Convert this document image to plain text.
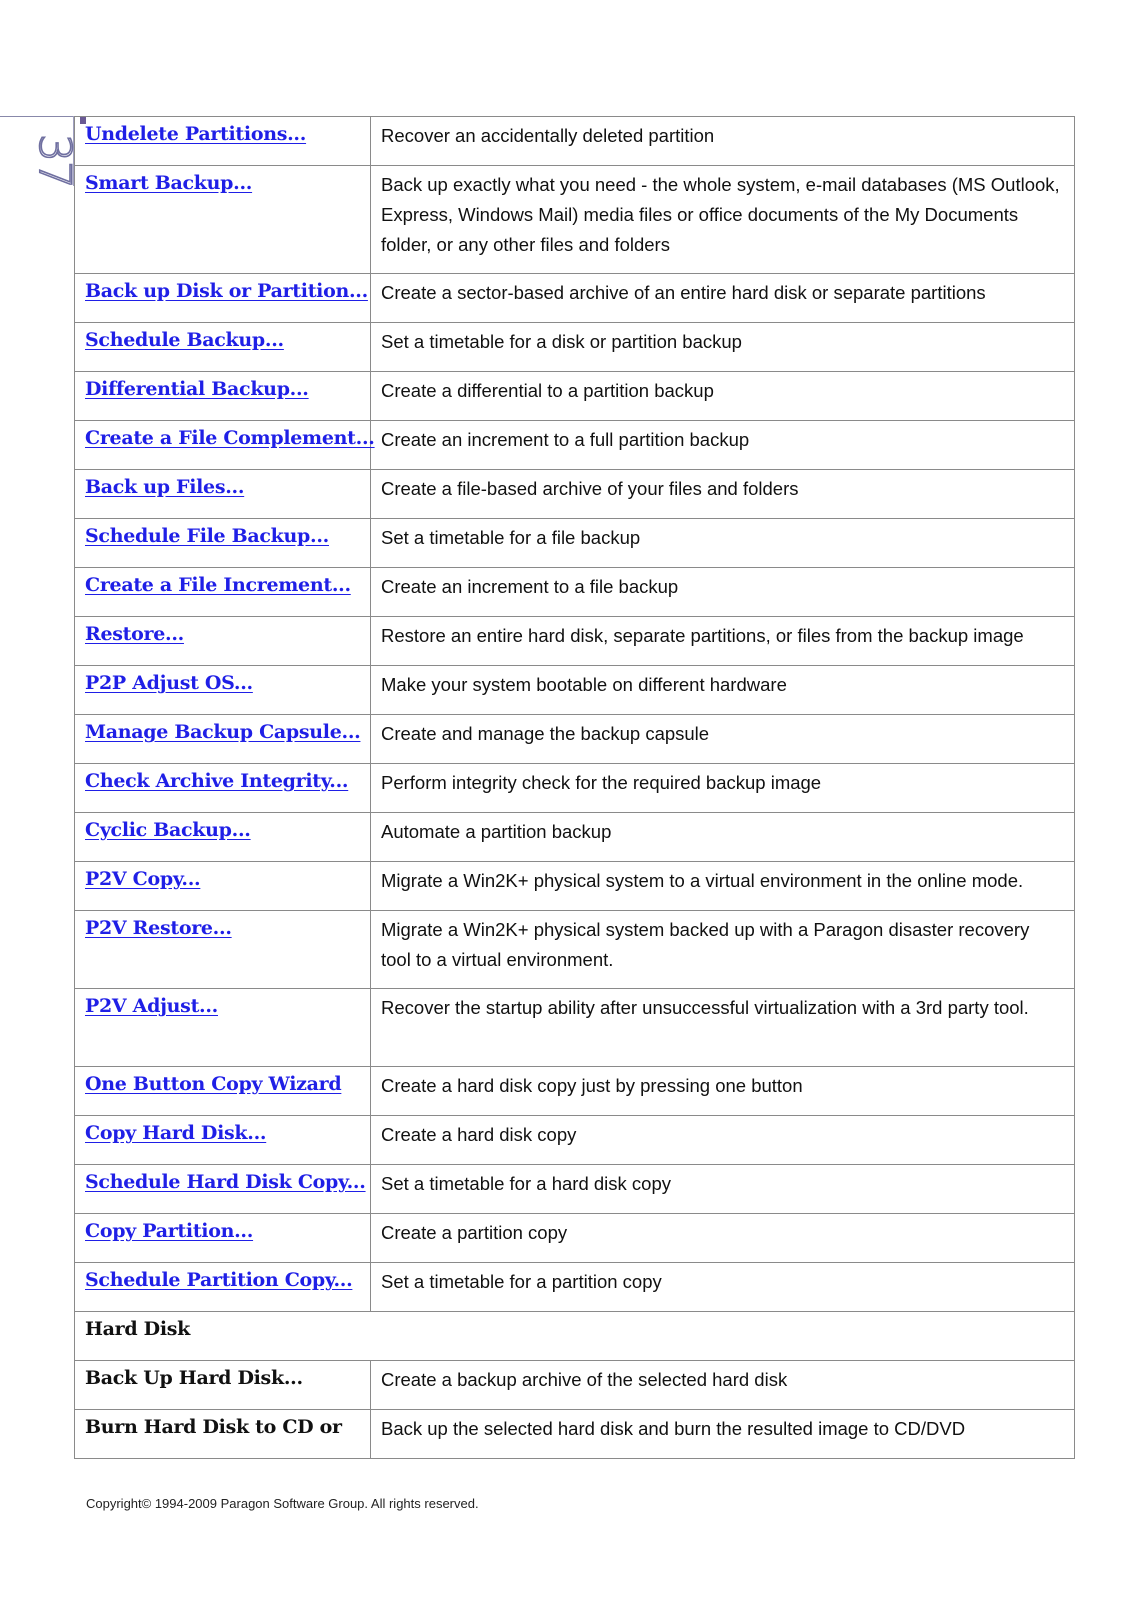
37 Undelete Partitions...	Recover an accidentally deleted partition
Smart Backup...	Back up exactly what you need - the whole system, e-mail databases (MS Outlook, Express, Windows Mail) media files or office documents of the My Documents folder, or any other files and folders
Back up Disk or Partition...	Create a sector-based archive of an entire hard disk or separate partitions
Schedule Backup...	Set a timetable for a disk or partition backup
Differential Backup...	Create a differential to a partition backup
Create a File Complement...	Create an increment to a full partition backup
Back up Files...	Create a file-based archive of your files and folders
Schedule File Backup...	Set a timetable for a file backup
Create a File Increment...	Create an increment to a file backup
Restore...	Restore an entire hard disk, separate partitions, or files from the backup image
P2P Adjust OS...	Make your system bootable on different hardware
Manage Backup Capsule...	Create and manage the backup capsule
Check Archive Integrity...	Perform integrity check for the required backup image
Cyclic Backup...	Automate a partition backup
P2V Copy...	Migrate a Win2K+ physical system to a virtual environment in the online mode.
P2V Restore...	Migrate a Win2K+ physical system backed up with a Paragon disaster recovery tool to a virtual environment.
P2V Adjust...	Recover the startup ability after unsuccessful virtualization with a 3rd party tool.
One Button Copy Wizard	Create a hard disk copy just by pressing one button
Copy Hard Disk...	Create a hard disk copy
Schedule Hard Disk Copy...	Set a timetable for a hard disk copy
Copy Partition...	Create a partition copy
Schedule Partition Copy...	Set a timetable for a partition copy
Hard Disk	
Back Up Hard Disk...	Create a backup archive of the selected hard disk
Burn Hard Disk to CD or	Back up the selected hard disk and burn the resulted image to CD/DVD
Copyright© 1994-2009 Paragon Software Group. All rights reserved.
